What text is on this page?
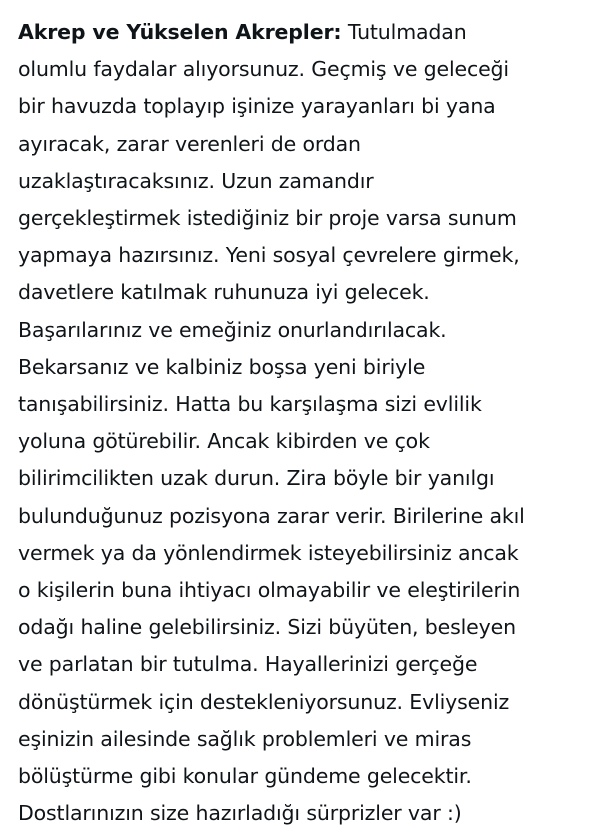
Akrep ve Yükselen Akrepler: Tutulmadan
olumlu faydalar alıyorsunuz. Geçmiş ve geleceği
bir havuzda toplayıp işinize yarayanları bi yana
ayıracak, zarar verenleri de ordan
uzaklaştıracaksınız. Uzun zamandır
gerçekleştirmek istediğiniz bir proje varsa sunum
yapmaya hazırsınız. Yeni sosyal çevrelere girmek,
davetlere katılmak ruhunuza iyi gelecek.
Başarılarınız ve emeğiniz onurlandırılacak.
Bekarsanız ve kalbiniz boşsa yeni biriyle
tanışabilirsiniz. Hatta bu karşılaşma sizi evlilik
yoluna götürebilir. Ancak kibirden ve çok
bilirimcilikten uzak durun. Zira böyle bir yanılgı
bulunduğunuz pozisyona zarar verir. Birilerine akıl
vermek ya da yönlendirmek isteyebilirsiniz ancak
o kişilerin buna ihtiyacı olmayabilir ve eleştirilerin
odağı haline gelebilirsiniz. Sizi büyüten, besleyen
ve parlatan bir tutulma. Hayallerinizi gerçeğe
dönüştürmek için destekleniyorsunuz. Evliyseniz
eşinizin ailesinde sağlık problemleri ve miras
bölüştürme gibi konular gündeme gelecektir.
Dostlarınızın size hazırladığı sürprizler var :)
